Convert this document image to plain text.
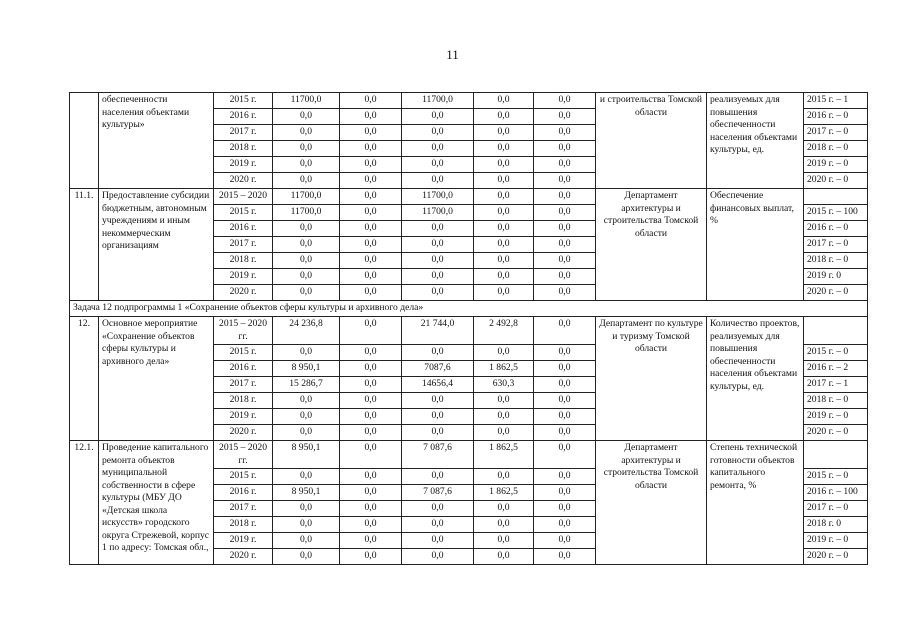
11
	обеспеченности населения объектами культуры»	2015 г.	11700,0	0,0	11700,0	0,0	0,0	и строительства Томской области	реализуемых для повышения обеспеченности населения объектами культуры, ед.	2015 г. – 1
		2016 г.	0,0	0,0	0,0	0,0	0,0			2016 г. – 0
		2017 г.	0,0	0,0	0,0	0,0	0,0			2017 г. – 0
		2018 г.	0,0	0,0	0,0	0,0	0,0			2018 г. – 0
		2019 г.	0,0	0,0	0,0	0,0	0,0			2019 г. – 0
		2020 г.	0,0	0,0	0,0	0,0	0,0			2020 г. – 0
11.1.	Предоставление субсидии бюджетным, автономным учреждениям и иным некоммерческим организациям	2015 – 2020	11700,0	0,0	11700,0	0,0	0,0	Департамент архитектуры и строительства Томской области	Обеспечение финансовых выплат, %	
		2015 г.	11700,0	0,0	11700,0	0,0	0,0			2015 г. – 100
		2016 г.	0,0	0,0	0,0	0,0	0,0			2016 г. – 0
		2017 г.	0,0	0,0	0,0	0,0	0,0			2017 г. – 0
		2018 г.	0,0	0,0	0,0	0,0	0,0			2018 г. – 0
		2019 г.	0,0	0,0	0,0	0,0	0,0			2019 г. 0
		2020 г.	0,0	0,0	0,0	0,0	0,0			2020 г. – 0
Задача 12 подпрограммы 1 «Сохранение объектов сферы культуры и архивного дела»										
12.	Основное мероприятие «Сохранение объектов сферы культуры и архивного дела»	2015 – 2020 гг.	24 236,8	0,0	21 744,0	2 492,8	0,0	Департамент по культуре и туризму Томской области	Количество проектов, реализуемых для повышения обеспеченности населения объектами культуры, ед.	
		2015 г.	0,0	0,0	0,0	0,0	0,0			2015 г. – 0
		2016 г.	8 950,1	0,0	7087,6	1 862,5	0,0			2016 г. – 2
		2017 г.	15 286,7	0,0	14656,4	630,3	0,0			2017 г. – 1
		2018 г.	0,0	0,0	0,0	0,0	0,0			2018 г. – 0
		2019 г.	0,0	0,0	0,0	0,0	0,0			2019 г. – 0
		2020 г.	0,0	0,0	0,0	0,0	0,0			2020 г. – 0
12.1.	Проведение капитального ремонта объектов муниципальной собственности в сфере культуры (МБУ ДО «Детская школа искусств» городского округа Стрежевой, корпус 1 по адресу: Томская обл.,	2015 – 2020 гг.	8 950,1	0,0	7 087,6	1 862,5	0,0	Департамент архитектуры и строительства Томской области	Степень технической готовности объектов капитального ремонта, %	
		2015 г.	0,0	0,0	0,0	0,0	0,0			2015 г. – 0
		2016 г.	8 950,1	0,0	7 087,6	1 862,5	0,0			2016 г. – 100
		2017 г.	0,0	0,0	0,0	0,0	0,0			2017 г. – 0
		2018 г.	0,0	0,0	0,0	0,0	0,0			2018 г. 0
		2019 г.	0,0	0,0	0,0	0,0	0,0			2019 г. – 0
		2020 г.	0,0	0,0	0,0	0,0	0,0			2020 г. – 0
